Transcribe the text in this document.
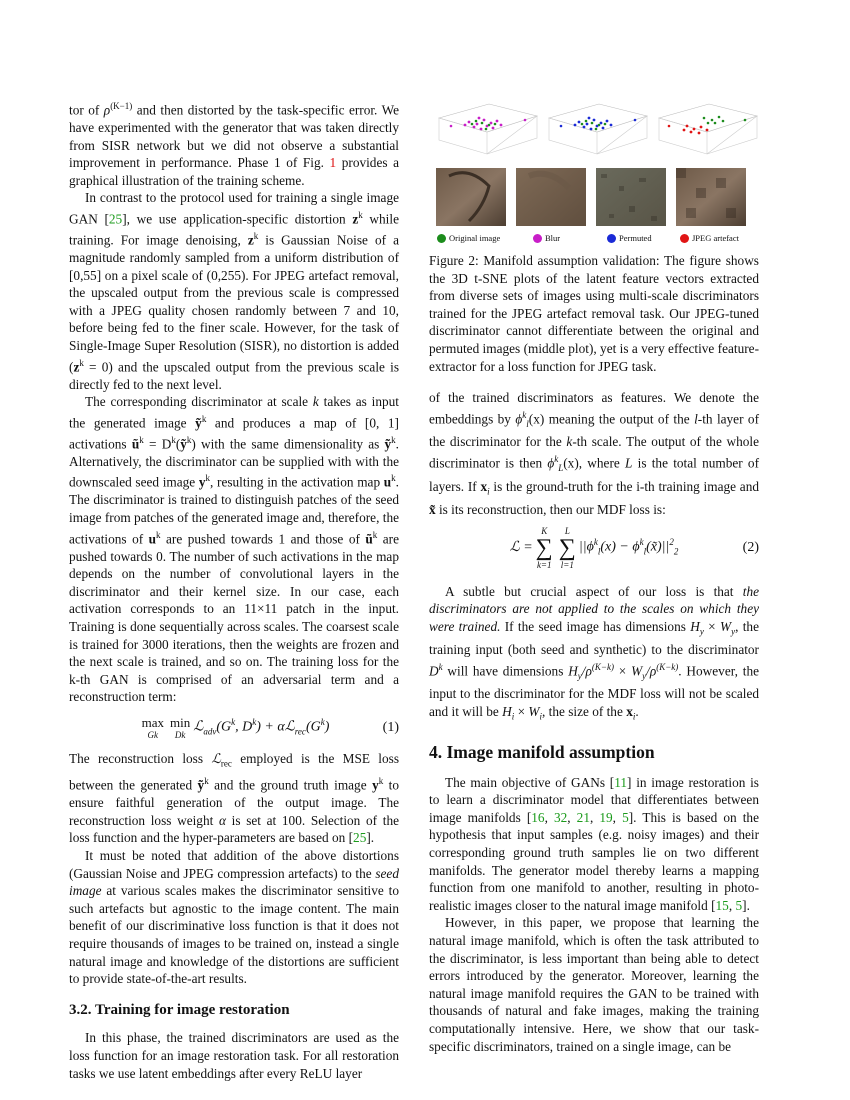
tor of $\rho^{(K-1)}$ and then distorted by the task-specific error. We have experimented with the generator that was taken directly from SISR network but we did not observe a substantial improvement in performance. Phase 1 of Fig. 1 provides a graphical illustration of the training scheme.

In contrast to the protocol used for training a single image GAN [25], we use application-specific distortion $z^k$ while training. For image denoising, $z^k$ is Gaussian Noise of a magnitude randomly sampled from a uniform distribution of [0,55] on a pixel scale of (0,255). For JPEG artefact removal, the upscaled output from the previous scale is compressed with a JPEG quality chosen randomly between 7 and 10, before being fed to the finer scale. However, for the task of Single-Image Super Resolution (SISR), no distortion is added $(z^k = 0)$ and the upscaled output from the previous scale is directly fed to the next level.

The corresponding discriminator at scale k takes as input the generated image ỹ$^k$ and produces a map of [0, 1] activations $ũ^k$ = $D^k(ỹ^k)$ with the same dimensionality as ỹ$^k$. Alternatively, the discriminator can be supplied with with the downscaled seed image $y^k$, resulting in the activation map $u^k$. The discriminator is trained to distinguish patches of the seed image from patches of the generated image and, therefore, the activations of $u^k$ are pushed towards 1 and those of $ũ^k$ are pushed towards 0. The number of such activations in the map depends on the number of convolutional layers in the discriminator and their kernel size. In our case, each activation corresponds to an 11×11 patch in the input. Training is done sequentially across scales. The coarsest scale is trained for 3000 iterations, then the weights are frozen and the next scale is trained, and so on. The training loss for the k-th GAN is comprised of an adversarial term and a reconstruction term:

max
Gk
min
Dk $ℒ_{adv}(G^k$, $D^k$) + $\alpha ℒ_{rec}(G^k)$	(1)

The reconstruction loss ℒ$_{rec}$ employed is the MSE loss between the generated ỹ$^k$ and the ground truth image $y^k$ to ensure faithful generation of the output image. The reconstruction loss weight α is set at 100. Selection of the loss function and the hyper-parameters are based on [25].

It must be noted that addition of the above distortions (Gaussian Noise and JPEG compression artefacts) to the seed image at various scales makes the discriminator sensitive to such artefacts but agnostic to the image content. The main benefit of our discriminative loss function is that it does not require thousands of images to be trained on, instead a single natural image and knowledge of the distortions are sufficient to provide state-of-the-art results.

3.2. Training for image restoration

In this phase, the trained discriminators are used as the loss function for an image restoration task. For all restoration tasks we use latent embeddings after every ReLU layer

Original image	Blur	Permuted	JPEG artefact

Figure 2: Manifold assumption validation: The figure shows the 3D t-SNE plots of the latent feature vectors extracted from diverse sets of images using multi-scale discriminators trained for the JPEG artefact removal task. Our JPEG-tuned discriminator cannot differentiate between the original and permuted images (middle plot), yet is a very effective feature-extractor for a loss function for JPEG task.

of the trained discriminators as features. We denote the embeddings by $\phi^k_l(x)$ meaning the output of the l-th layer of the discriminator for the k-th scale. The output of the whole discriminator is then $\phi^k_L(x)$, where L is the total number of layers. If $x_i$ is the ground-truth for the i-th training image and x̃ is its reconstruction, then our MDF loss is:

ℒ =
K
∑
k=1
L
∑
l=1
$||\phi^k_l(x)$ − $\phi^k_l(x̃)||^2_2$	(2)

A subtle but crucial aspect of our loss is that the discriminators are not applied to the scales on which they were trained. If the seed image has dimensions $H_y \times W_y$, the training input (both seed and synthetic) to the discriminator $D^k$ will have dimensions $H_y/\rho^{(K-k)} \times W_y/\rho^{(K-k)}$. However, the input to the discriminator for the MDF loss will not be scaled and it will be $H_i \times W_i$, the size of the $x_i$.

4. Image manifold assumption

The main objective of GANs [11] in image restoration is to learn a discriminator model that differentiates between image manifolds [16, 32, 21, 19, 5]. This is based on the hypothesis that input samples (e.g. noisy images) and their corresponding ground truth samples lie on two different manifolds. The generator model thereby learns a mapping function from one manifold to another, resulting in photo-realistic images closer to the natural image manifold [15, 5].

However, in this paper, we propose that learning the natural image manifold, which is often the task attributed to the discriminator, is less important than being able to detect errors introduced by the generator. Moreover, learning the natural image manifold requires the GAN to be trained with thousands of natural and fake images, making the training computationally intensive. Here, we show that our task-specific discriminators, trained on a single image, can be
